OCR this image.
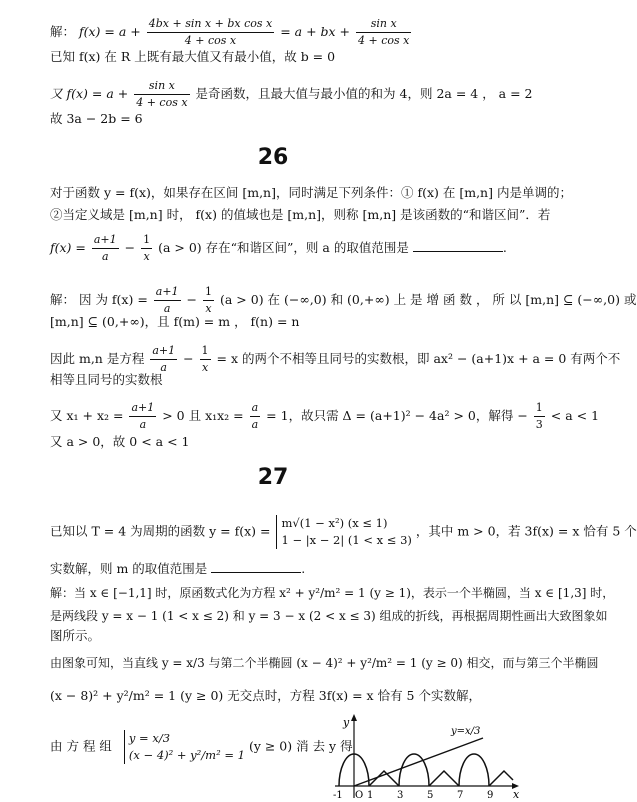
解： $f(x) = a + \frac{\text{4bx + sin x + bx cos x}}{\text{4 + cos x}} = a$ + bx + $\frac{\text{sin x}}{\text{4 + cos x}}$
已知 f(x) 在 R 上既有最大值又有最小值，故 b = 0
又 $f(x) = a + \frac{\text{sin x}}{\text{4 + cos x}}$ 是奇函数，且最大值与最小值的和为 4，则 2a = 4 ， a = 2
故 3a − 2b = 6
26
对于函数 y = f(x)，如果存在区间 [m,n]，同时满足下列条件：① f(x) 在 [m,n] 内是单调的；
②当定义域是 [m,n] 时， f(x) 的值域也是 [m,n]，则称 [m,n] 是该函数的“和谐区间”．若
$f(x) = \frac{a+1}{a} - \frac{1}{x} (a > 0)$ 存在“和谐区间”，则 a 的取值范围是	.
解： 因 为 $f(x) = \frac{a+1}{a} - \frac{1}{x} (a > 0)$ 在 (−∞,0) 和 (0,+∞) 上 是 增 函 数 ， 所 以 [m,n] ⊆ (−∞,0) 或
[m,n] ⊆ (0,+∞)，且 f(m) = m ， f(n) = n
因此 m,n 是方程 $\frac{a+1}{a} - \frac{1}{x} = x$ 的两个不相等且同号的实数根，即 ax² − (a+1)x + a = 0 有两个不
相等且同号的实数根
又 $x_1 + x_2 = \frac{a+1}{a} > 0$ 且 $x_1x_2 = \frac{a}{a} = 1$，故只需 Δ = (a+1)² − 4a² > 0，解得 − $\frac{1}{3} < a < 1$
又 a > 0，故 0 < a < 1
27
已知以 T = 4 为周期的函数 y = f(x) =
m√(1 − x²) (x ≤ 1)
1 − |x − 2| (1 < x ≤ 3)
，其中 m > 0，若 3f(x) = x 恰有 5 个
实数解，则 m 的取值范围是	.
解：当 x ∈ [−1,1] 时，原函数式化为方程 x² + y²/m² = 1 (y ≥ 1)，表示一个半椭圆，当 x ∈ [1,3] 时，
是两线段 y = x − 1 (1 < x ≤ 2) 和 y = 3 − x (2 < x ≤ 3) 组成的折线，再根据周期性画出大致图象如
图所示。
由图象可知，当直线 y = x/3 与第二个半椭圆 (x − 4)² + y²/m² = 1 (y ≥ 0) 相交，而与第三个半椭圆
(x − 8)² + y²/m² = 1 (y ≥ 0) 无交点时，方程 3f(x) = x 恰有 5 个实数解，
由 方 程 组
y = x/3
(x − 4)² + y²/m² = 1
(y ≥ 0) 消 去 y 得
y
x
O
-1 1 3 5 7 9
y=x/3
